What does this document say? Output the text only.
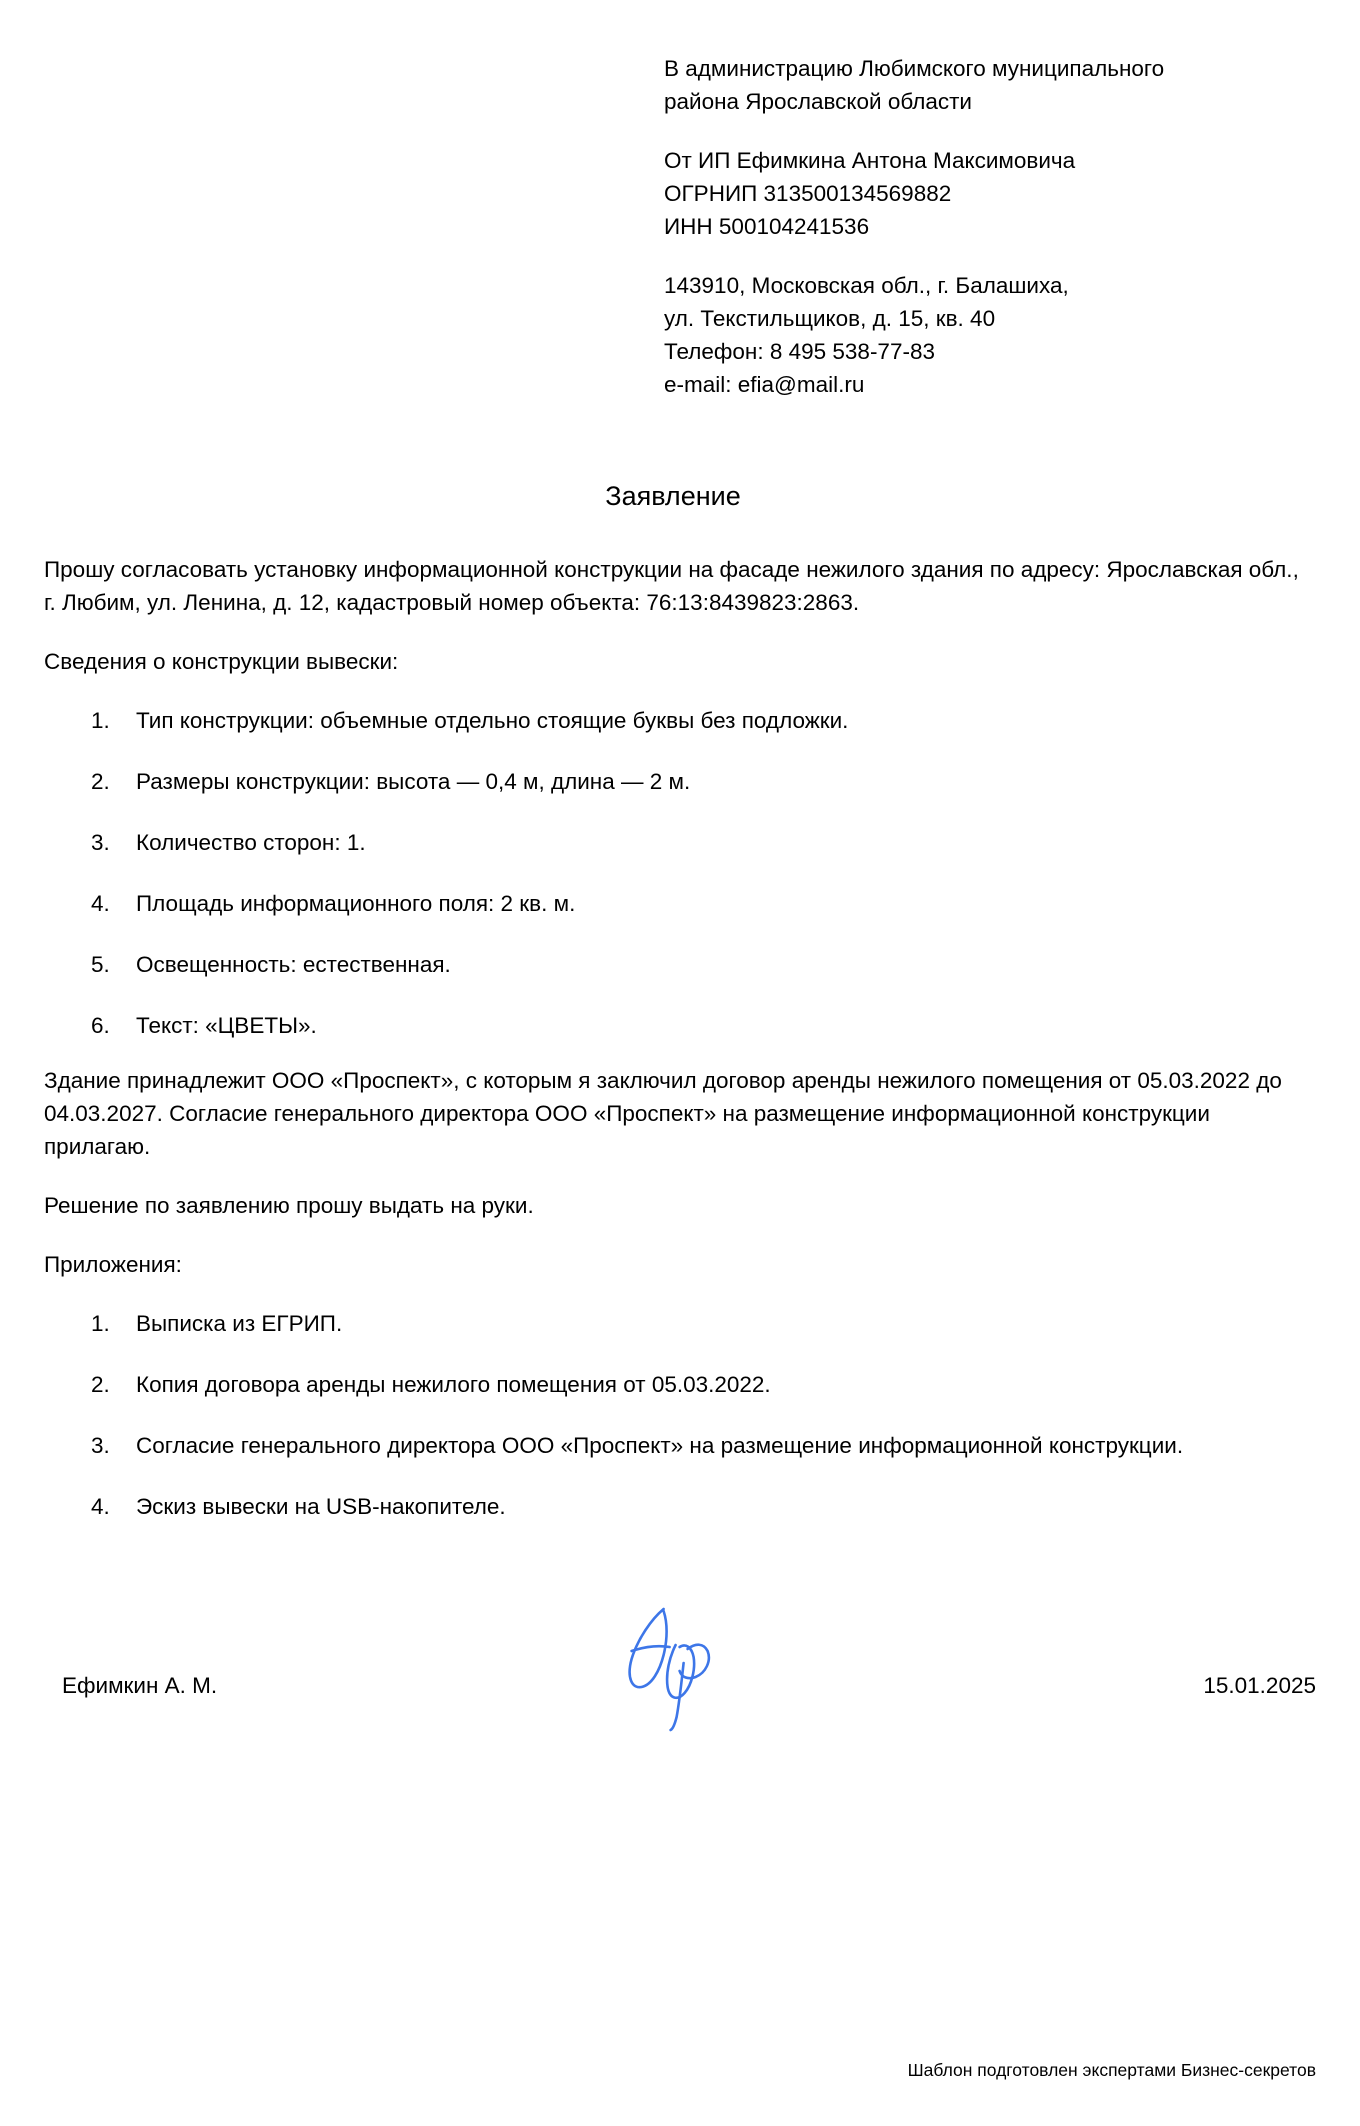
В администрацию Любимского муниципального
района Ярославской области
От ИП Ефимкина Антона Максимовича
ОГРНИП 313500134569882
ИНН 500104241536
143910, Московская обл., г. Балашиха,
ул. Текстильщиков, д. 15, кв. 40
Телефон: 8 495 538-77-83
e-mail: efia@mail.ru
Заявление

Прошу согласовать установку информационной конструкции на фасаде нежилого здания по адресу: Ярославская обл., г. Любим, ул. Ленина, д. 12, кадастровый номер объекта: 76:13:8439823:2863.

Сведения о конструкции вывески:

1. Тип конструкции: объемные отдельно стоящие буквы без подложки.
2. Размеры конструкции: высота — 0,4 м, длина — 2 м.
3. Количество сторон: 1.
4. Площадь информационного поля: 2 кв. м.
5. Освещенность: естественная.
6. Текст: «ЦВЕТЫ».

Здание принадлежит ООО «Проспект», с которым я заключил договор аренды нежилого помещения от 05.03.2022 до 04.03.2027. Согласие генерального директора ООО «Проспект» на размещение информационной конструкции прилагаю.

Решение по заявлению прошу выдать на руки.

Приложения:

1. Выписка из ЕГРИП.
2. Копия договора аренды нежилого помещения от 05.03.2022.
3. Согласие генерального директора ООО «Проспект» на размещение информационной конструкции.
4. Эскиз вывески на USB-накопителе.
Ефимкин А. М.	15.01.2025
Шаблон подготовлен экспертами Бизнес-секретов
